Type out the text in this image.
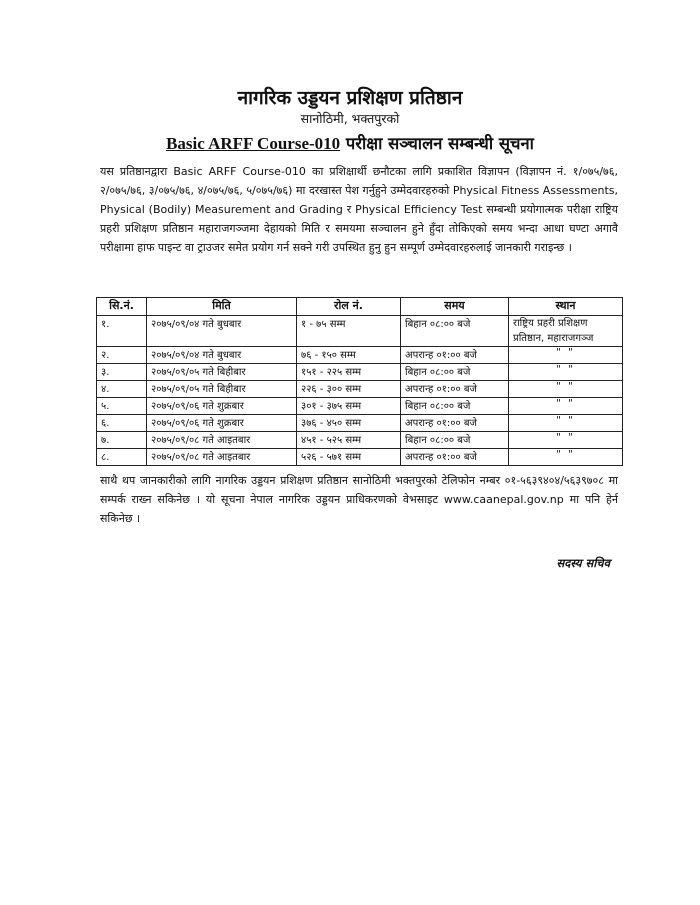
नागरिक उड्डयन प्रशिक्षण प्रतिष्ठान
सानोठिमी, भक्तपुरको
Basic ARFF Course-010 परीक्षा सञ्चालन सम्बन्धी सूचना
यस प्रतिष्ठानद्वारा Basic ARFF Course-010 का प्रशिक्षार्थी छनौटका लागि प्रकाशित विज्ञापन (विज्ञापन नं. १/०७५/७६, २/०७५/७६, ३/०७५/७६, ४/०७५/७६, ५/०७५/७६) मा दरखास्त पेश गर्नुहुने उम्मेदवारहरुको Physical Fitness Assessments, Physical (Bodily) Measurement and Grading र Physical Efficiency Test सम्बन्धी प्रयोगात्मक परीक्षा राष्ट्रिय प्रहरी प्रशिक्षण प्रतिष्ठान महाराजगञ्जमा देहायको मिति र समयमा सञ्चालन हुने हुँदा तोकिएको समय भन्दा आधा घण्टा अगावै परीक्षामा हाफ पाइन्ट वा ट्राउजर समेत प्रयोग गर्न सक्ने गरी उपस्थित हुनु हुन सम्पूर्ण उम्मेदवारहरुलाई जानकारी गराइन्छ ।
सि.नं.	मिति	रोल नं.	समय	स्थान
१.	२०७५/०९/०४ गते बुधबार	१ - ७५ सम्म	बिहान ०८:०० बजे	राष्ट्रिय प्रहरी प्रशिक्षण प्रतिष्ठान, महाराजगञ्ज
२.	२०७५/०९/०४ गते बुधबार	७६ - १५० सम्म	अपरान्ह ०१:०० बजे	" "
३.	२०७५/०९/०५ गते बिहीबार	१५१ - २२५ सम्म	बिहान ०८:०० बजे	" "
४.	२०७५/०९/०५ गते बिहीबार	२२६ - ३०० सम्म	अपरान्ह ०१:०० बजे	" "
५.	२०७५/०९/०६ गते शुक्रबार	३०१ - ३७५ सम्म	बिहान ०८:०० बजे	" "
६.	२०७५/०९/०६ गते शुक्रबार	३७६ - ४५० सम्म	अपरान्ह ०१:०० बजे	" "
७.	२०७५/०९/०८ गते आइतबार	४५१ - ५२५ सम्म	बिहान ०८:०० बजे	" "
८.	२०७५/०९/०८ गते आइतबार	५२६ - ५७१ सम्म	अपरान्ह ०१:०० बजे	" "
साथै थप जानकारीको लागि नागरिक उड्डयन प्रशिक्षण प्रतिष्ठान सानोठिमी भक्तपुरको टेलिफोन नम्बर ०१-५६३९४०४/५६३९७०८ मा सम्पर्क राख्न सकिनेछ । यो सूचना नेपाल नागरिक उड्डयन प्राधिकरणको वेभसाइट www.caanepal.gov.np मा पनि हेर्न सकिनेछ ।
सदस्य सचिव
